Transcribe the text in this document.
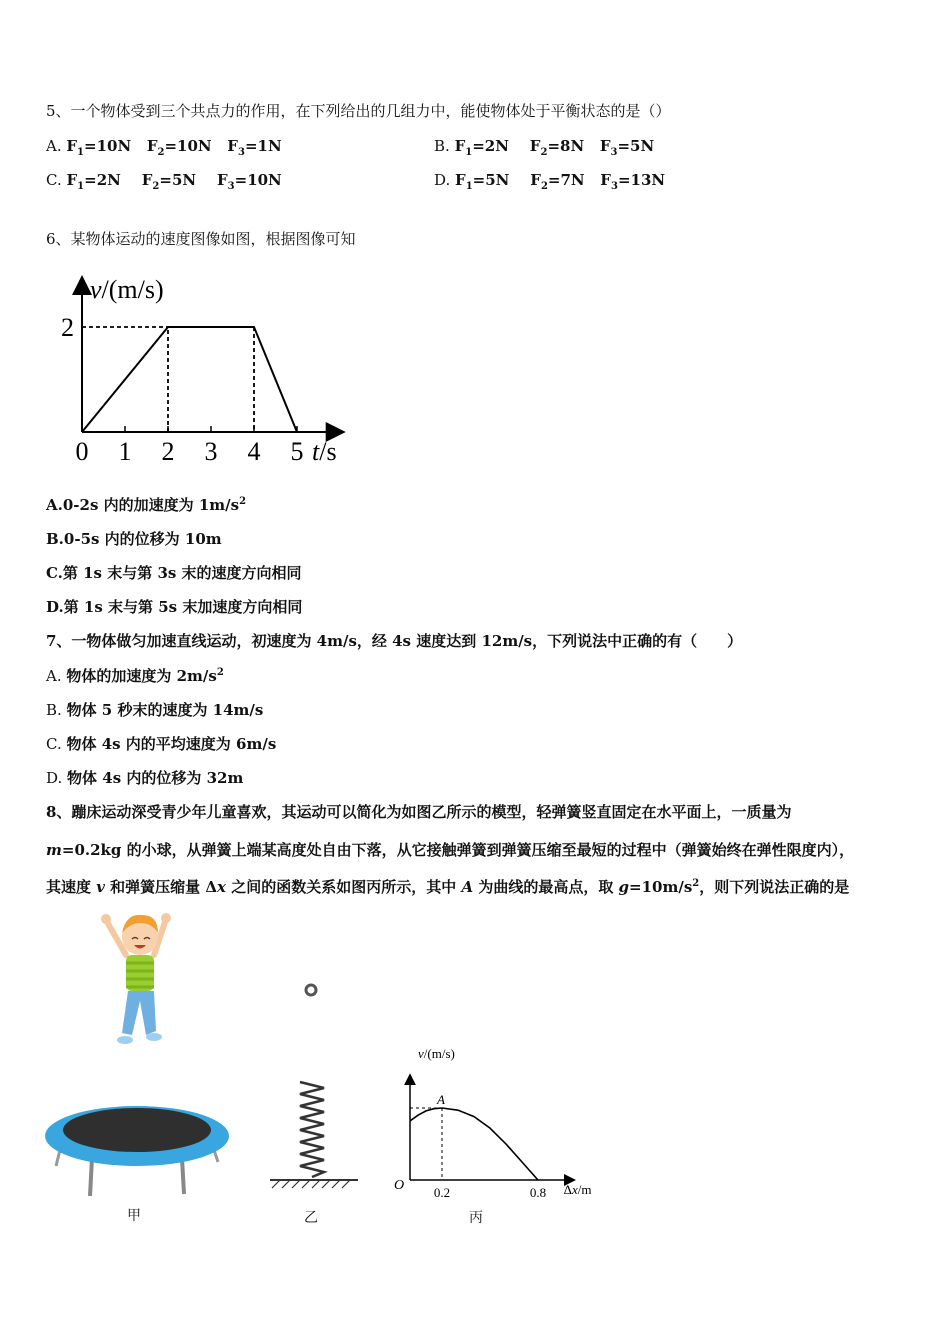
5、一个物体受到三个共点力的作用，在下列给出的几组力中，能使物体处于平衡状态的是（）
A. $F_1=10N$   $F_2=10N$   $F_3=1N$	B. $F_1=2N$    $F_2=8N$   $F_3=5N$
C. $F_1=2N$    $F_2=5N$    $F_3=10N$	D. $F_1=5N$    $F_2=7N$   $F_3=13N$
6、某物体运动的速度图像如图，根据图像可知
0 1 2 3 4 5
2
v/(m/s)
t/s
A.0-2s 内的加速度为 $1m/s^2$
B.0-5s 内的位移为 10m
C.第 1s 末与第 3s 末的速度方向相同
D.第 1s 末与第 5s 末加速度方向相同
7、一物体做匀加速直线运动，初速度为 4m/s，经 4s 速度达到 12m/s，下列说法中正确的有（　　）
A. 物体的加速度为 $2m/s^2$
B. 物体 5 秒末的速度为 14m/s
C. 物体 4s 内的平均速度为 6m/s
D. 物体 4s 内的位移为 32m
8、蹦床运动深受青少年儿童喜欢，其运动可以简化为如图乙所示的模型，轻弹簧竖直固定在水平面上，一质量为
m=0.2kg 的小球，从弹簧上端某高度处自由下落，从它接触弹簧到弹簧压缩至最短的过程中（弹簧始终在弹性限度内），
其速度 v 和弹簧压缩量 Δx 之间的函数关系如图丙所示，其中 A 为曲线的最高点，取 $g=10m/s^2$，则下列说法正确的是
甲	乙
0.2	0.8
v/(m/s)
Δx/m
O
A
丙
